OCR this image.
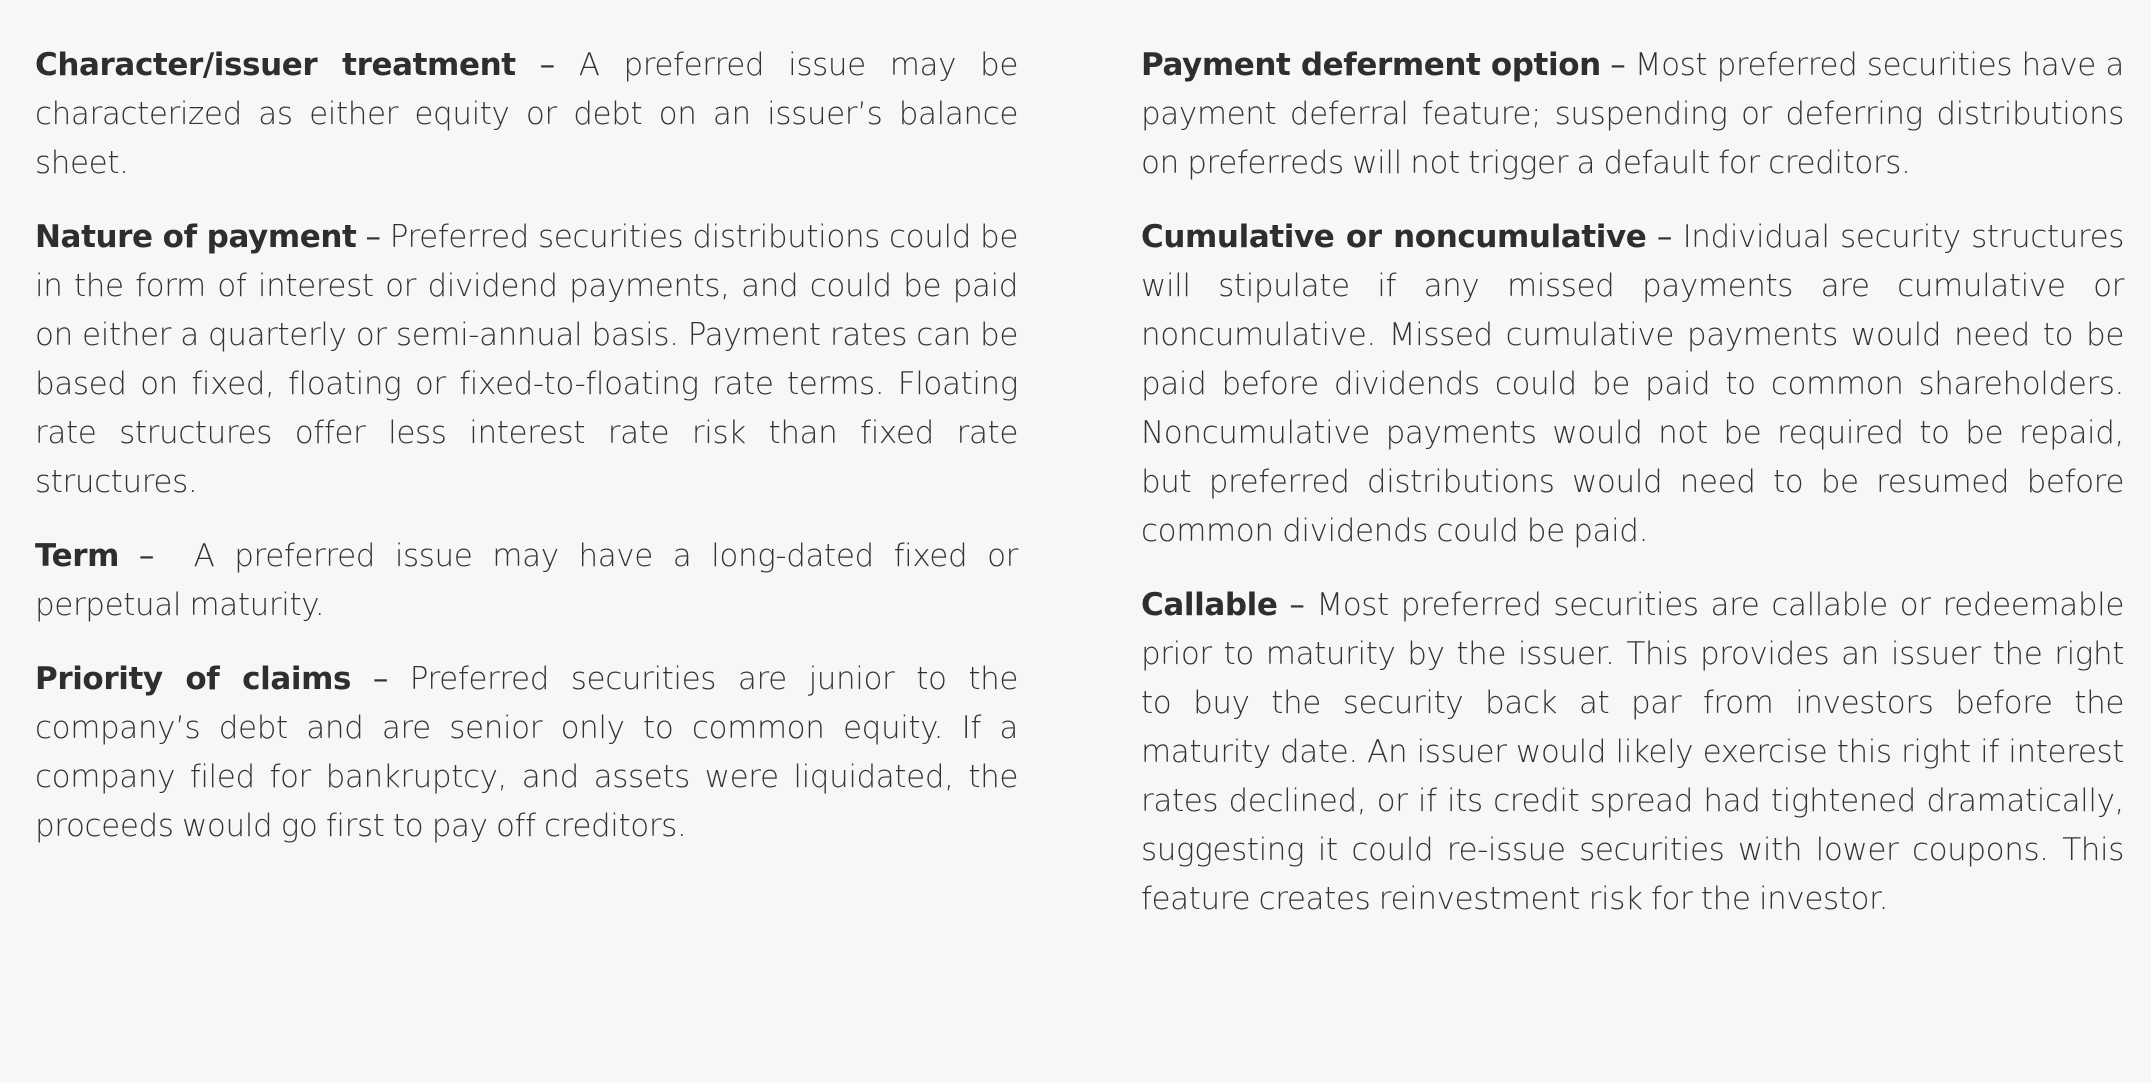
Character/issuer treatment – A preferred issue may be characterized as either equity or debt on an issuer’s balance sheet.

Nature of payment – Preferred securities distributions could be in the form of interest or dividend payments, and could be paid on either a quarterly or semi-annual basis. Payment rates can be based on fixed, floating or fixed-to-floating rate terms. Floating rate structures offer less interest rate risk than fixed rate structures.

Term –  A preferred issue may have a long-dated fixed or perpetual maturity.

Priority of claims – Preferred securities are junior to the company’s debt and are senior only to common equity. If a company filed for bankruptcy, and assets were liquidated, the proceeds would go first to pay off creditors.

Payment deferment option – Most preferred securities have a payment deferral feature; suspending or deferring distributions on preferreds will not trigger a default for creditors.

Cumulative or noncumulative – Individual security structures will stipulate if any missed payments are cumulative or noncumulative. Missed cumulative payments would need to be paid before dividends could be paid to common shareholders. Noncumulative payments would not be required to be repaid, but preferred distributions would need to be resumed before common dividends could be paid.

Callable – Most preferred securities are callable or redeemable prior to maturity by the issuer. This provides an issuer the right to buy the security back at par from investors before the maturity date. An issuer would likely exercise this right if interest rates declined, or if its credit spread had tightened dramatically, suggesting it could re-issue securities with lower coupons. This feature creates reinvestment risk for the investor.
